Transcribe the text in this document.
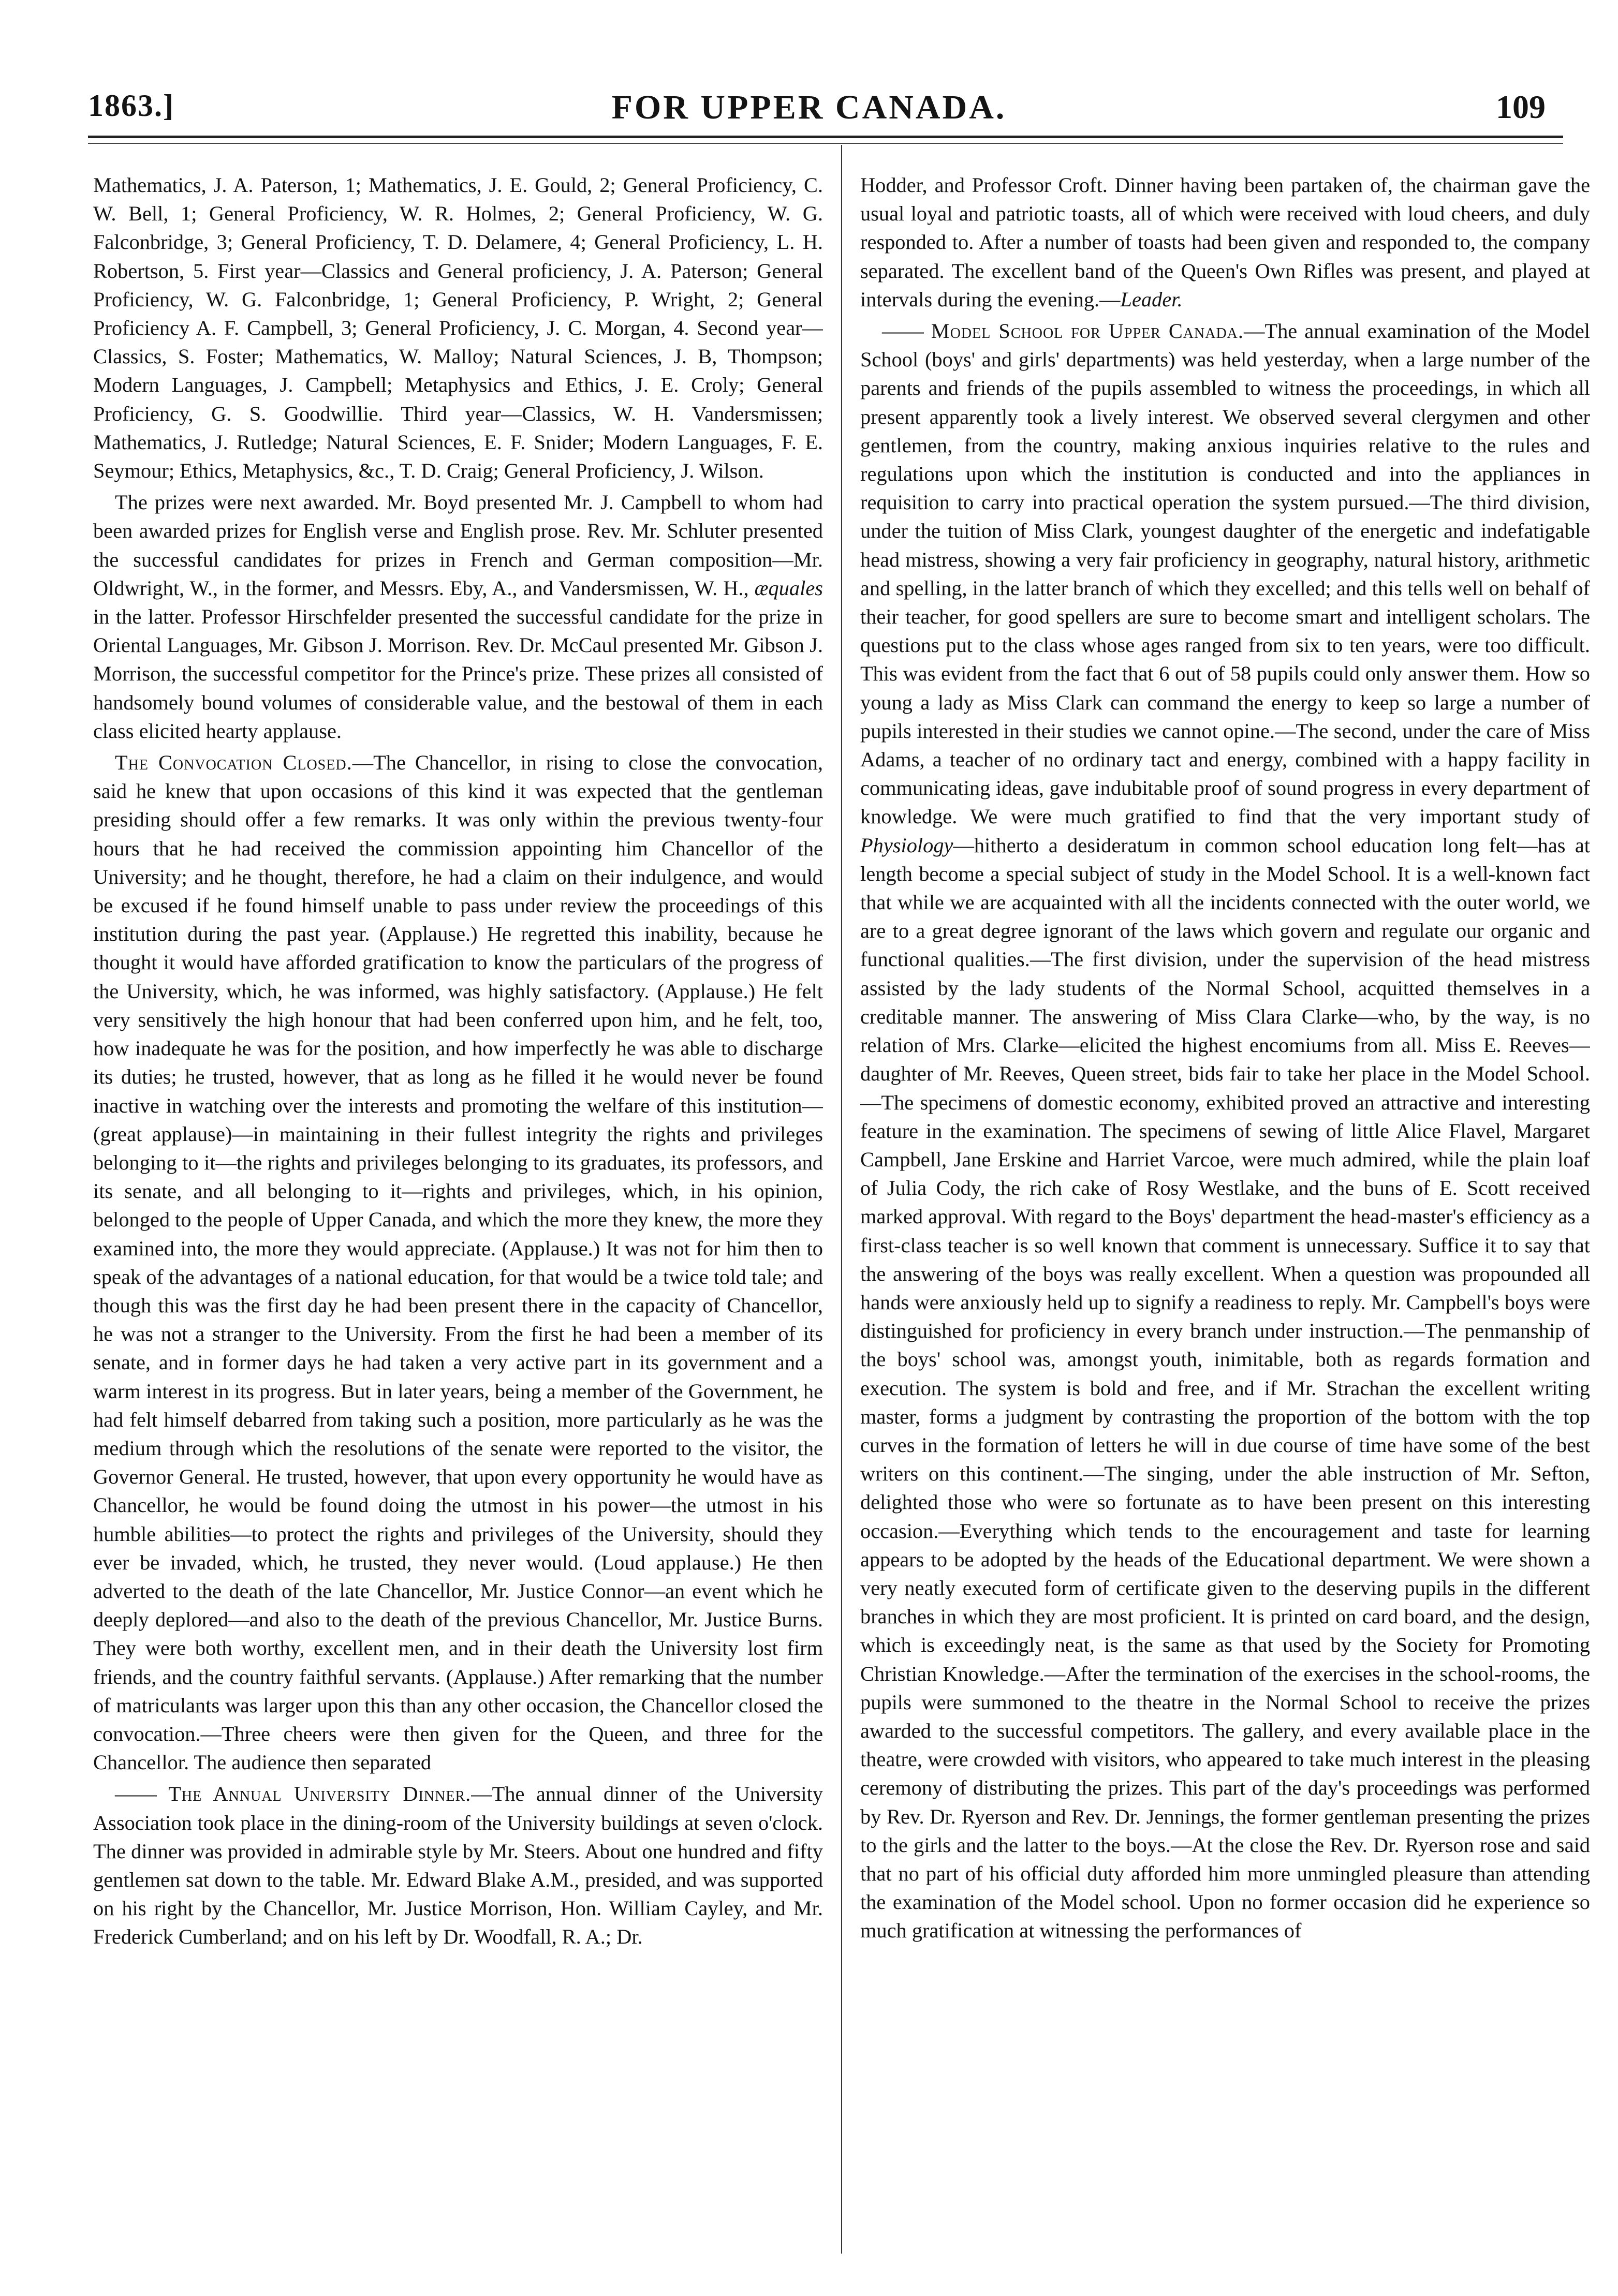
1863.]	FOR UPPER CANADA.	109

Mathematics, J. A. Paterson, 1; Mathematics, J. E. Gould, 2; General Proficiency, C. W. Bell, 1; General Proficiency, W. R. Holmes, 2; General Proficiency, W. G. Falconbridge, 3; General Proficiency, T. D. Delamere, 4; General Proficiency, L. H. Robertson, 5. First year—Classics and General proficiency, J. A. Paterson; General Proficiency, W. G. Falconbridge, 1; General Proficiency, P. Wright, 2; General Proficiency A. F. Campbell, 3; General Proficiency, J. C. Morgan, 4. Second year—Classics, S. Foster; Mathematics, W. Malloy; Natural Sciences, J. B, Thompson; Modern Languages, J. Campbell; Metaphysics and Ethics, J. E. Croly; General Proficiency, G. S. Goodwillie. Third year—Classics, W. H. Vandersmissen; Mathematics, J. Rutledge; Natural Sciences, E. F. Snider; Modern Languages, F. E. Seymour; Ethics, Metaphysics, &c., T. D. Craig; General Proficiency, J. Wilson.

The prizes were next awarded. Mr. Boyd presented Mr. J. Campbell to whom had been awarded prizes for English verse and English prose. Rev. Mr. Schluter presented the successful candidates for prizes in French and German composition—Mr. Oldwright, W., in the former, and Messrs. Eby, A., and Vandersmissen, W. H., æquales in the latter. Professor Hirschfelder presented the successful candidate for the prize in Oriental Languages, Mr. Gibson J. Morrison. Rev. Dr. McCaul presented Mr. Gibson J. Morrison, the successful competitor for the Prince's prize. These prizes all consisted of handsomely bound volumes of considerable value, and the bestowal of them in each class elicited hearty applause.

The Convocation Closed.—The Chancellor, in rising to close the convocation, said he knew that upon occasions of this kind it was expected that the gentleman presiding should offer a few remarks. It was only within the previous twenty-four hours that he had received the commission appointing him Chancellor of the University; and he thought, therefore, he had a claim on their indulgence, and would be excused if he found himself unable to pass under review the proceedings of this institution during the past year. (Applause.) He regretted this inability, because he thought it would have afforded gratification to know the particulars of the progress of the University, which, he was informed, was highly satisfactory. (Applause.) He felt very sensitively the high honour that had been conferred upon him, and he felt, too, how inadequate he was for the position, and how imperfectly he was able to discharge its duties; he trusted, however, that as long as he filled it he would never be found inactive in watching over the interests and promoting the welfare of this institution—(great applause)—in maintaining in their fullest integrity the rights and privileges belonging to it—the rights and privileges belonging to its graduates, its professors, and its senate, and all belonging to it—rights and privileges, which, in his opinion, belonged to the people of Upper Canada, and which the more they knew, the more they examined into, the more they would appreciate. (Applause.) It was not for him then to speak of the advantages of a national education, for that would be a twice told tale; and though this was the first day he had been present there in the capacity of Chancellor, he was not a stranger to the University. From the first he had been a member of its senate, and in former days he had taken a very active part in its government and a warm interest in its progress. But in later years, being a member of the Government, he had felt himself debarred from taking such a position, more particularly as he was the medium through which the resolutions of the senate were reported to the visitor, the Governor General. He trusted, however, that upon every opportunity he would have as Chancellor, he would be found doing the utmost in his power—the utmost in his humble abilities—to protect the rights and privileges of the University, should they ever be invaded, which, he trusted, they never would. (Loud applause.) He then adverted to the death of the late Chancellor, Mr. Justice Connor—an event which he deeply deplored—and also to the death of the previous Chancellor, Mr. Justice Burns. They were both worthy, excellent men, and in their death the University lost firm friends, and the country faithful servants. (Applause.) After remarking that the number of matriculants was larger upon this than any other occasion, the Chancellor closed the convocation.—Three cheers were then given for the Queen, and three for the Chancellor. The audience then separated

—— The Annual University Dinner.—The annual dinner of the University Association took place in the dining-room of the University buildings at seven o'clock. The dinner was provided in admirable style by Mr. Steers. About one hundred and fifty gentlemen sat down to the table. Mr. Edward Blake A.M., presided, and was supported on his right by the Chancellor, Mr. Justice Morrison, Hon. William Cayley, and Mr. Frederick Cumberland; and on his left by Dr. Woodfall, R. A.; Dr.

Hodder, and Professor Croft. Dinner having been partaken of, the chairman gave the usual loyal and patriotic toasts, all of which were received with loud cheers, and duly responded to. After a number of toasts had been given and responded to, the company separated. The excellent band of the Queen's Own Rifles was present, and played at intervals during the evening.—Leader.

—— Model School for Upper Canada.—The annual examination of the Model School (boys' and girls' departments) was held yesterday, when a large number of the parents and friends of the pupils assembled to witness the proceedings, in which all present apparently took a lively interest. We observed several clergymen and other gentlemen, from the country, making anxious inquiries relative to the rules and regulations upon which the institution is conducted and into the appliances in requisition to carry into practical operation the system pursued.—The third division, under the tuition of Miss Clark, youngest daughter of the energetic and indefatigable head mistress, showing a very fair proficiency in geography, natural history, arithmetic and spelling, in the latter branch of which they excelled; and this tells well on behalf of their teacher, for good spellers are sure to become smart and intelligent scholars. The questions put to the class whose ages ranged from six to ten years, were too difficult. This was evident from the fact that 6 out of 58 pupils could only answer them. How so young a lady as Miss Clark can command the energy to keep so large a number of pupils interested in their studies we cannot opine.—The second, under the care of Miss Adams, a teacher of no ordinary tact and energy, combined with a happy facility in communicating ideas, gave indubitable proof of sound progress in every department of knowledge. We were much gratified to find that the very important study of Physiology—hitherto a desideratum in common school education long felt—has at length become a special subject of study in the Model School. It is a well-known fact that while we are acquainted with all the incidents connected with the outer world, we are to a great degree ignorant of the laws which govern and regulate our organic and functional qualities.—The first division, under the supervision of the head mistress assisted by the lady students of the Normal School, acquitted themselves in a creditable manner. The answering of Miss Clara Clarke—who, by the way, is no relation of Mrs. Clarke—elicited the highest encomiums from all. Miss E. Reeves—daughter of Mr. Reeves, Queen street, bids fair to take her place in the Model School.—The specimens of domestic economy, exhibited proved an attractive and interesting feature in the examination. The specimens of sewing of little Alice Flavel, Margaret Campbell, Jane Erskine and Harriet Varcoe, were much admired, while the plain loaf of Julia Cody, the rich cake of Rosy Westlake, and the buns of E. Scott received marked approval. With regard to the Boys' department the head-master's efficiency as a first-class teacher is so well known that comment is unnecessary. Suffice it to say that the answering of the boys was really excellent. When a question was propounded all hands were anxiously held up to signify a readiness to reply. Mr. Campbell's boys were distinguished for proficiency in every branch under instruction.—The penmanship of the boys' school was, amongst youth, inimitable, both as regards formation and execution. The system is bold and free, and if Mr. Strachan the excellent writing master, forms a judgment by contrasting the proportion of the bottom with the top curves in the formation of letters he will in due course of time have some of the best writers on this continent.—The singing, under the able instruction of Mr. Sefton, delighted those who were so fortunate as to have been present on this interesting occasion.—Everything which tends to the encouragement and taste for learning appears to be adopted by the heads of the Educational department. We were shown a very neatly executed form of certificate given to the deserving pupils in the different branches in which they are most proficient. It is printed on card board, and the design, which is exceedingly neat, is the same as that used by the Society for Promoting Christian Knowledge.—After the termination of the exercises in the school-rooms, the pupils were summoned to the theatre in the Normal School to receive the prizes awarded to the successful competitors. The gallery, and every available place in the theatre, were crowded with visitors, who appeared to take much interest in the pleasing ceremony of distributing the prizes. This part of the day's proceedings was performed by Rev. Dr. Ryerson and Rev. Dr. Jennings, the former gentleman presenting the prizes to the girls and the latter to the boys.—At the close the Rev. Dr. Ryerson rose and said that no part of his official duty afforded him more unmingled pleasure than attending the examination of the Model school. Upon no former occasion did he experience so much gratification at witnessing the performances of
